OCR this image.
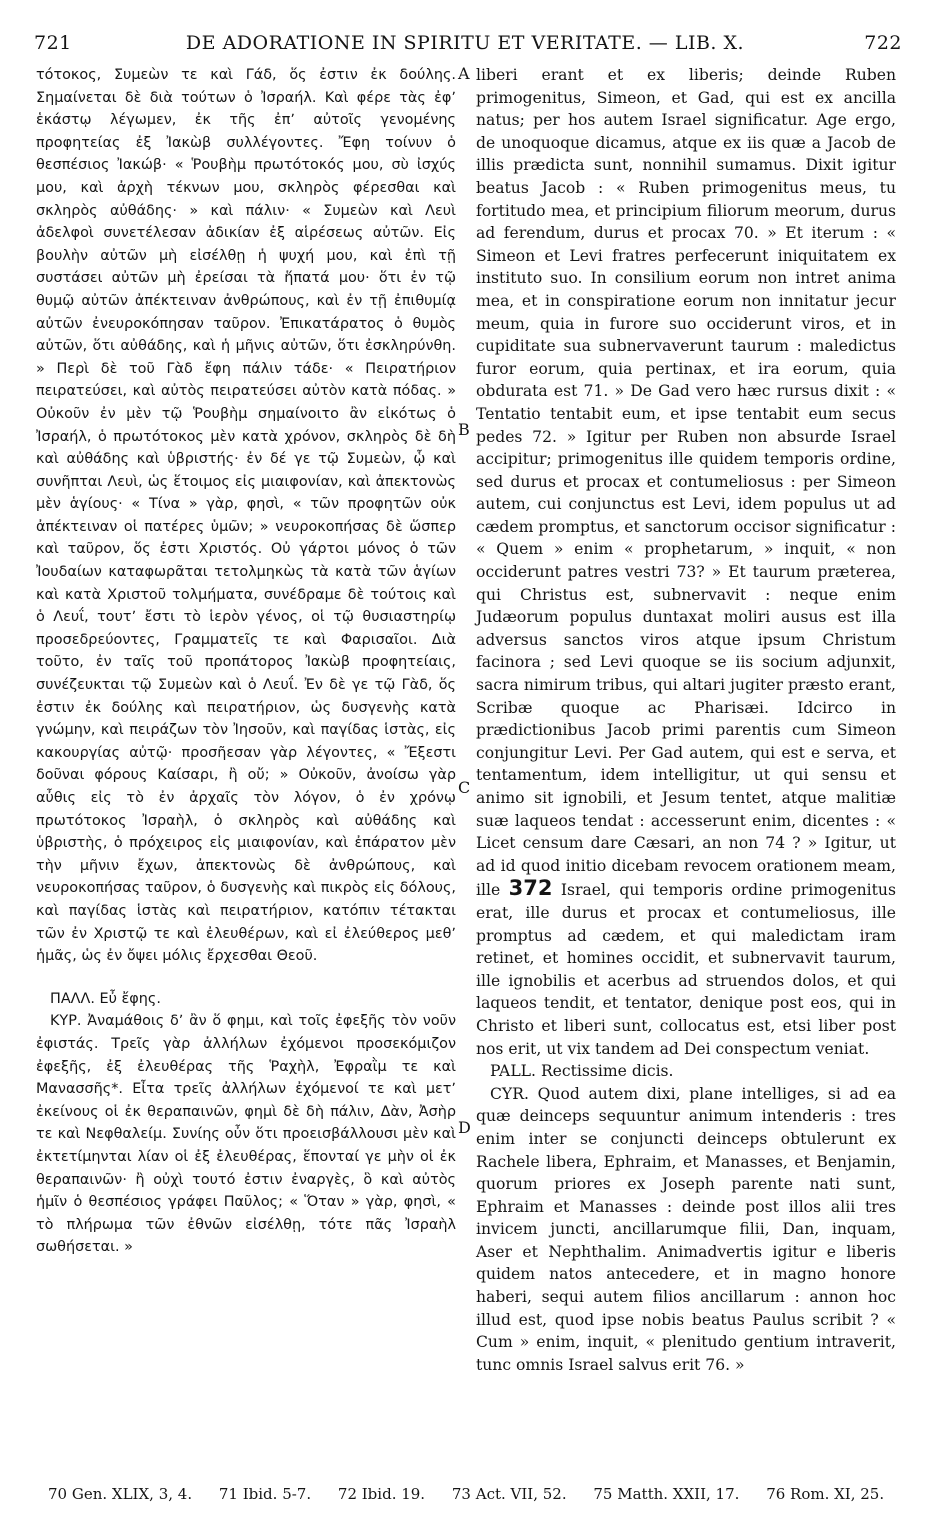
721	DE ADORATIONE IN SPIRITU ET VERITATE. — LIB. X.	722
A
B
C
D

τότοκος, Συμεὼν τε καὶ Γάδ, ὅς ἐστιν ἐκ δούλης. Σημαίνεται δὲ διὰ τούτων ὁ Ἰσραήλ. Καὶ φέρε τὰς ἐφʼ ἑκάστῳ λέγωμεν, ἐκ τῆς ἐπʼ αὐτοῖς γενομένης προφητείας ἐξ Ἰακὼβ συλλέγοντες. Ἔφη τοίνυν ὁ θεσπέσιος Ἰακώβ· « Ῥουβὴμ πρωτότοκός μου, σὺ ἰσχύς μου, καὶ ἀρχὴ τέκνων μου, σκληρὸς φέρεσθαι καὶ σκληρὸς αὐθάδης· » καὶ πάλιν· « Συμεὼν καὶ Λευὶ ἀδελφοὶ συνετέλεσαν ἀδικίαν ἐξ αἱρέσεως αὐτῶν. Εἰς βουλὴν αὐτῶν μὴ εἰσέλθῃ ἡ ψυχή μου, καὶ ἐπὶ τῇ συστάσει αὐτῶν μὴ ἐρείσαι τὰ ἥπατά μου· ὅτι ἐν τῷ θυμῷ αὐτῶν ἀπέκτειναν ἀνθρώπους, καὶ ἐν τῇ ἐπιθυμίᾳ αὐτῶν ἐνευροκόπησαν ταῦρον. Ἐπικατάρατος ὁ θυμὸς αὐτῶν, ὅτι αὐθάδης, καὶ ἡ μῆνις αὐτῶν, ὅτι ἐσκληρύνθη. » Περὶ δὲ τοῦ Γὰδ ἔφη πάλιν τάδε· « Πειρατήριον πειρατεύσει, καὶ αὐτὸς πειρατεύσει αὐτὸν κατὰ πόδας. » Οὐκοῦν ἐν μὲν τῷ Ῥουβὴμ σημαίνοιτο ἂν εἰκότως ὁ Ἰσραήλ, ὁ πρωτότοκος μὲν κατὰ χρόνον, σκληρὸς δὲ δὴ καὶ αὐθάδης καὶ ὑβριστής· ἐν δέ γε τῷ Συμεὼν, ᾧ καὶ συνῆπται Λευὶ, ὡς ἕτοιμος εἰς μιαιφονίαν, καὶ ἀπεκτονὼς μὲν ἁγίους· « Τίνα » γὰρ, φησὶ, « τῶν προφητῶν οὐκ ἀπέκτειναν οἱ πατέρες ὑμῶν; » νευροκοπήσας δὲ ὥσπερ καὶ ταῦρον, ὅς ἐστι Χριστός. Οὐ γάρτοι μόνος ὁ τῶν Ἰουδαίων καταφωρᾶται τετολμηκὼς τὰ κατὰ τῶν ἁγίων καὶ κατὰ Χριστοῦ τολμήματα, συνέδραμε δὲ τούτοις καὶ ὁ Λευΐ, τουτʼ ἔστι τὸ ἱερὸν γένος, οἱ τῷ θυσιαστηρίῳ προσεδρεύοντες, Γραμματεῖς τε καὶ Φαρισαῖοι. Διὰ τοῦτο, ἐν ταῖς τοῦ προπάτορος Ἰακὼβ προφητείαις, συνέζευκται τῷ Συμεὼν καὶ ὁ Λευΐ. Ἐν δὲ γε τῷ Γὰδ, ὅς ἐστιν ἐκ δούλης καὶ πειρατήριον, ὡς δυσγενὴς κατὰ γνώμην, καὶ πειράζων τὸν Ἰησοῦν, καὶ παγίδας ἱστὰς, εἰς κακουργίας αὐτῷ· προσῆεσαν γὰρ λέγοντες, « Ἔξεστι δοῦναι φόρους Καίσαρι, ἢ οὔ; » Οὐκοῦν, ἀνοίσω γὰρ αὖθις εἰς τὸ ἐν ἀρχαῖς τὸν λόγον, ὁ ἐν χρόνῳ πρωτότοκος Ἰσραὴλ, ὁ σκληρὸς καὶ αὐθάδης καὶ ὑβριστὴς, ὁ πρόχειρος εἰς μιαιφονίαν, καὶ ἐπάρατον μὲν τὴν μῆνιν ἔχων, ἀπεκτονὼς δὲ ἀνθρώπους, καὶ νευροκοπήσας ταῦρον, ὁ δυσγενὴς καὶ πικρὸς εἰς δόλους, καὶ παγίδας ἱστὰς καὶ πειρατήριον, κατόπιν τέτακται τῶν ἐν Χριστῷ τε καὶ ἐλευθέρων, καὶ εἰ ἐλεύθερος μεθʼ ἡμᾶς, ὡς ἐν ὄψει μόλις ἔρχεσθαι Θεοῦ.

ΠΑΛΛ. Εὖ ἔφης.

ΚΥΡ. Ἀναμάθοις δʼ ἂν ὅ φημι, καὶ τοῖς ἐφεξῆς τὸν νοῦν ἐφιστάς. Τρεῖς γὰρ ἀλλήλων ἐχόμενοι προσεκόμιζον ἐφεξῆς, ἐξ ἐλευθέρας τῆς Ῥαχὴλ, Ἐφραῒμ τε καὶ Μανασσῆς*. Εἶτα τρεῖς ἀλλήλων ἐχόμενοί τε καὶ μετʼ ἐκείνους οἱ ἐκ θεραπαινῶν, φημὶ δὲ δὴ πάλιν, Δὰν, Ἀσὴρ τε καὶ Νεφθαλείμ. Συνίης οὖν ὅτι προεισβάλλουσι μὲν καὶ ἐκτετίμηνται λίαν οἱ ἐξ ἐλευθέρας, ἕπονταί γε μὴν οἱ ἐκ θεραπαινῶν· ἢ οὐχὶ τουτό ἐστιν ἐναργὲς, ὃ καὶ αὐτὸς ἡμῖν ὁ θεσπέσιος γράφει Παῦλος; « Ὅταν » γὰρ, φησὶ, « τὸ πλήρωμα τῶν ἐθνῶν εἰσέλθῃ, τότε πᾶς Ἰσραὴλ σωθήσεται. »

liberi erant et ex liberis; deinde Ruben primogenitus, Simeon, et Gad, qui est ex ancilla natus; per hos autem Israel significatur. Age ergo, de unoquoque dicamus, atque ex iis quæ a Jacob de illis prædicta sunt, nonnihil sumamus. Dixit igitur beatus Jacob : « Ruben primogenitus meus, tu fortitudo mea, et principium filiorum meorum, durus ad ferendum, durus et procax 70. » Et iterum : « Simeon et Levi fratres perfecerunt iniquitatem ex instituto suo. In consilium eorum non intret anima mea, et in conspiratione eorum non innitatur jecur meum, quia in furore suo occiderunt viros, et in cupiditate sua subnervaverunt taurum : maledictus furor eorum, quia pertinax, et ira eorum, quia obdurata est 71. » De Gad vero hæc rursus dixit : « Tentatio tentabit eum, et ipse tentabit eum secus pedes 72. » Igitur per Ruben non absurde Israel accipitur; primogenitus ille quidem temporis ordine, sed durus et procax et contumeliosus : per Simeon autem, cui conjunctus est Levi, idem populus ut ad cædem promptus, et sanctorum occisor significatur : « Quem » enim « prophetarum, » inquit, « non occiderunt patres vestri 73? » Et taurum præterea, qui Christus est, subnervavit : neque enim Judæorum populus duntaxat moliri ausus est illa adversus sanctos viros atque ipsum Christum facinora ; sed Levi quoque se iis socium adjunxit, sacra nimirum tribus, qui altari jugiter præsto erant, Scribæ quoque ac Pharisæi. Idcirco in prædictionibus Jacob primi parentis cum Simeon conjungitur Levi. Per Gad autem, qui est e serva, et tentamentum, idem intelligitur, ut qui sensu et animo sit ignobili, et Jesum tentet, atque malitiæ suæ laqueos tendat : accesserunt enim, dicentes : « Licet censum dare Cæsari, an non 74 ? » Igitur, ut ad id quod initio dicebam revocem orationem meam, ille 372 Israel, qui temporis ordine primogenitus erat, ille durus et procax et contumeliosus, ille promptus ad cædem, et qui maledictam iram retinet, et homines occidit, et subnervavit taurum, ille ignobilis et acerbus ad struendos dolos, et qui laqueos tendit, et tentator, denique post eos, qui in Christo et liberi sunt, collocatus est, etsi liber post nos erit, ut vix tandem ad Dei conspectum veniat.

PALL. Rectissime dicis.

CYR. Quod autem dixi, plane intelliges, si ad ea quæ deinceps sequuntur animum intenderis : tres enim inter se conjuncti deinceps obtulerunt ex Rachele libera, Ephraim, et Manasses, et Benjamin, quorum priores ex Joseph parente nati sunt, Ephraim et Manasses : deinde post illos alii tres invicem juncti, ancillarumque filii, Dan, inquam, Aser et Nephthalim. Animadvertis igitur e liberis quidem natos antecedere, et in magno honore haberi, sequi autem filios ancillarum : annon hoc illud est, quod ipse nobis beatus Paulus scribit ? « Cum » enim, inquit, « plenitudo gentium intraverit, tunc omnis Israel salvus erit 76. »

70 Gen. XLIX, 3, 4. 71 Ibid. 5-7. 72 Ibid. 19. 73 Act. VII, 52. 75 Matth. XXII, 17. 76 Rom. XI, 25.
